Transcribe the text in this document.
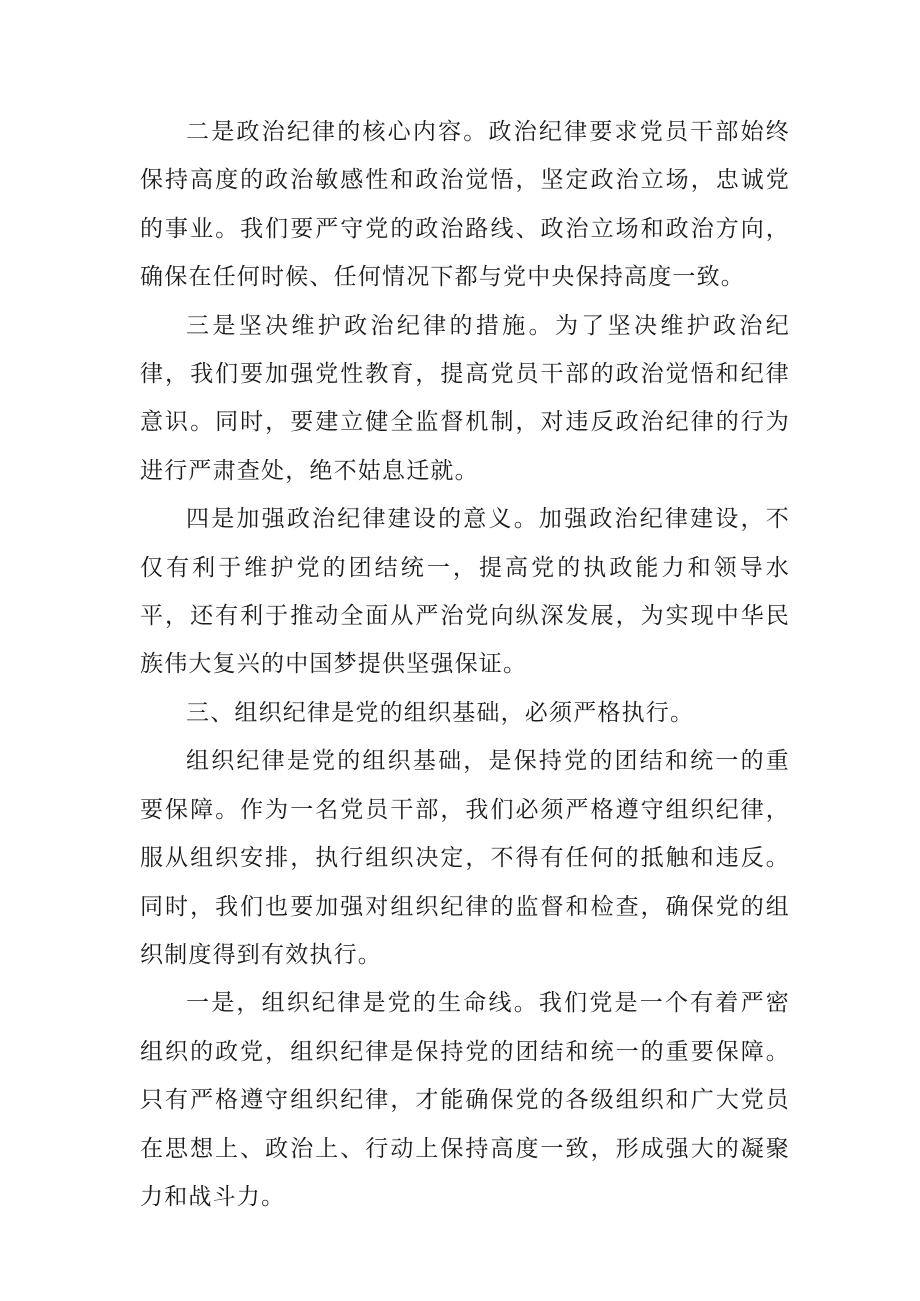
二是政治纪律的核心内容。政治纪律要求党员干部始终保持高度的政治敏感性和政治觉悟，坚定政治立场，忠诚党的事业。我们要严守党的政治路线、政治立场和政治方向，确保在任何时候、任何情况下都与党中央保持高度一致。

三是坚决维护政治纪律的措施。为了坚决维护政治纪律，我们要加强党性教育，提高党员干部的政治觉悟和纪律意识。同时，要建立健全监督机制，对违反政治纪律的行为进行严肃查处，绝不姑息迁就。

四是加强政治纪律建设的意义。加强政治纪律建设，不仅有利于维护党的团结统一，提高党的执政能力和领导水平，还有利于推动全面从严治党向纵深发展，为实现中华民族伟大复兴的中国梦提供坚强保证。

三、组织纪律是党的组织基础，必须严格执行。

组织纪律是党的组织基础，是保持党的团结和统一的重要保障。作为一名党员干部，我们必须严格遵守组织纪律，服从组织安排，执行组织决定，不得有任何的抵触和违反。同时，我们也要加强对组织纪律的监督和检查，确保党的组织制度得到有效执行。

一是，组织纪律是党的生命线。我们党是一个有着严密组织的政党，组织纪律是保持党的团结和统一的重要保障。只有严格遵守组织纪律，才能确保党的各级组织和广大党员在思想上、政治上、行动上保持高度一致，形成强大的凝聚力和战斗力。
